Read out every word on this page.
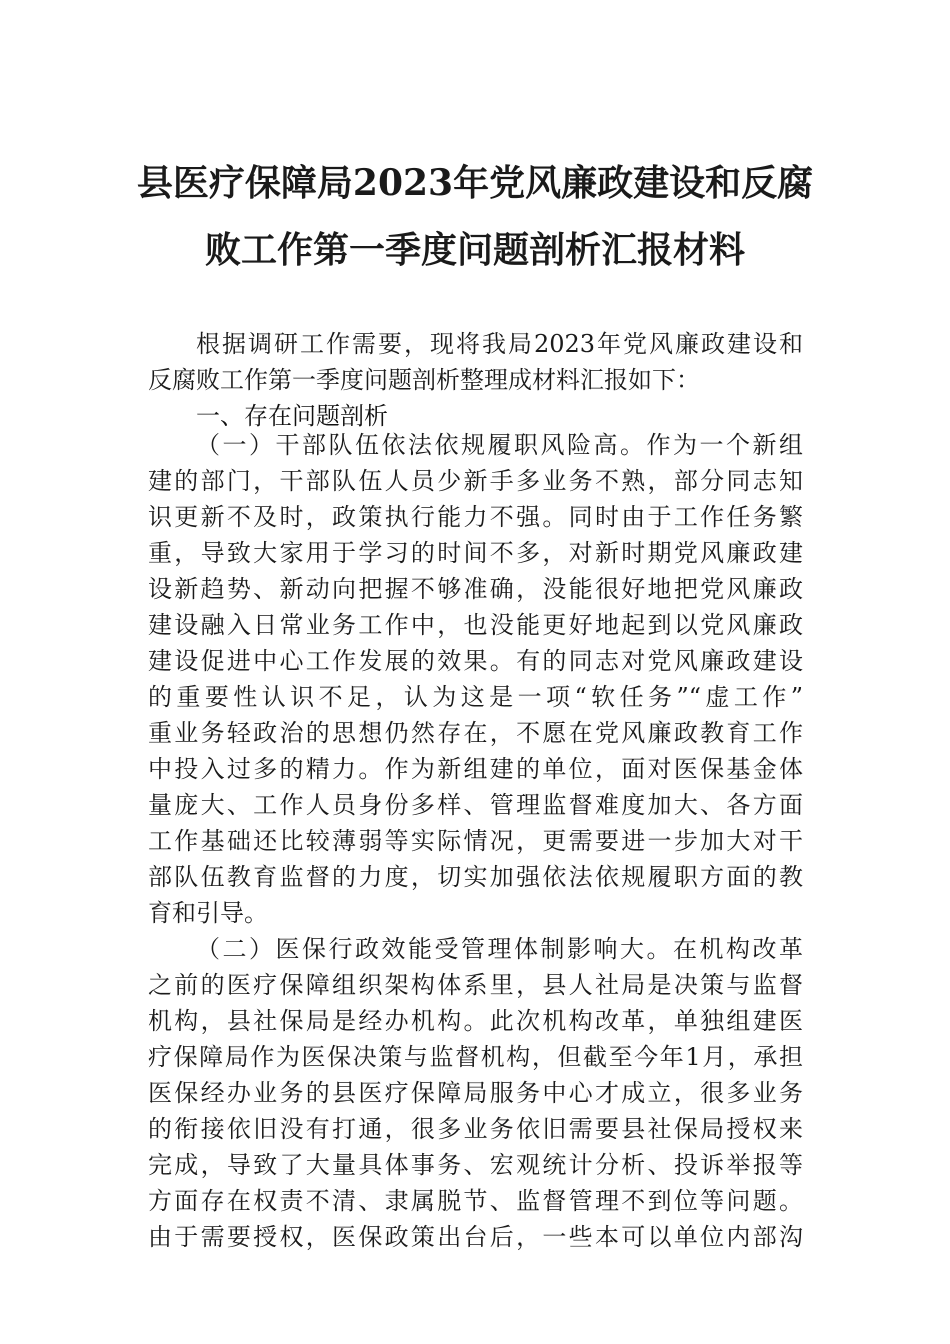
县医疗保障局2023年党风廉政建设和反腐
败工作第一季度问题剖析汇报材料
根据调研工作需要，现将我局2023年党风廉政建设和
反腐败工作第一季度问题剖析整理成材料汇报如下：
一、存在问题剖析
（一）干部队伍依法依规履职风险高。作为一个新组
建的部门，干部队伍人员少新手多业务不熟，部分同志知
识更新不及时，政策执行能力不强。同时由于工作任务繁
重，导致大家用于学习的时间不多，对新时期党风廉政建
设新趋势、新动向把握不够准确，没能很好地把党风廉政
建设融入日常业务工作中，也没能更好地起到以党风廉政
建设促进中心工作发展的效果。有的同志对党风廉政建设
的重要性认识不足，认为这是一项“软任务”“虚工作”
重业务轻政治的思想仍然存在，不愿在党风廉政教育工作
中投入过多的精力。作为新组建的单位，面对医保基金体
量庞大、工作人员身份多样、管理监督难度加大、各方面
工作基础还比较薄弱等实际情况，更需要进一步加大对干
部队伍教育监督的力度，切实加强依法依规履职方面的教
育和引导。
（二）医保行政效能受管理体制影响大。在机构改革
之前的医疗保障组织架构体系里，县人社局是决策与监督
机构，县社保局是经办机构。此次机构改革，单独组建医
疗保障局作为医保决策与监督机构，但截至今年1月，承担
医保经办业务的县医疗保障局服务中心才成立，很多业务
的衔接依旧没有打通，很多业务依旧需要县社保局授权来
完成，导致了大量具体事务、宏观统计分析、投诉举报等
方面存在权责不清、隶属脱节、监督管理不到位等问题。
由于需要授权，医保政策出台后，一些本可以单位内部沟
